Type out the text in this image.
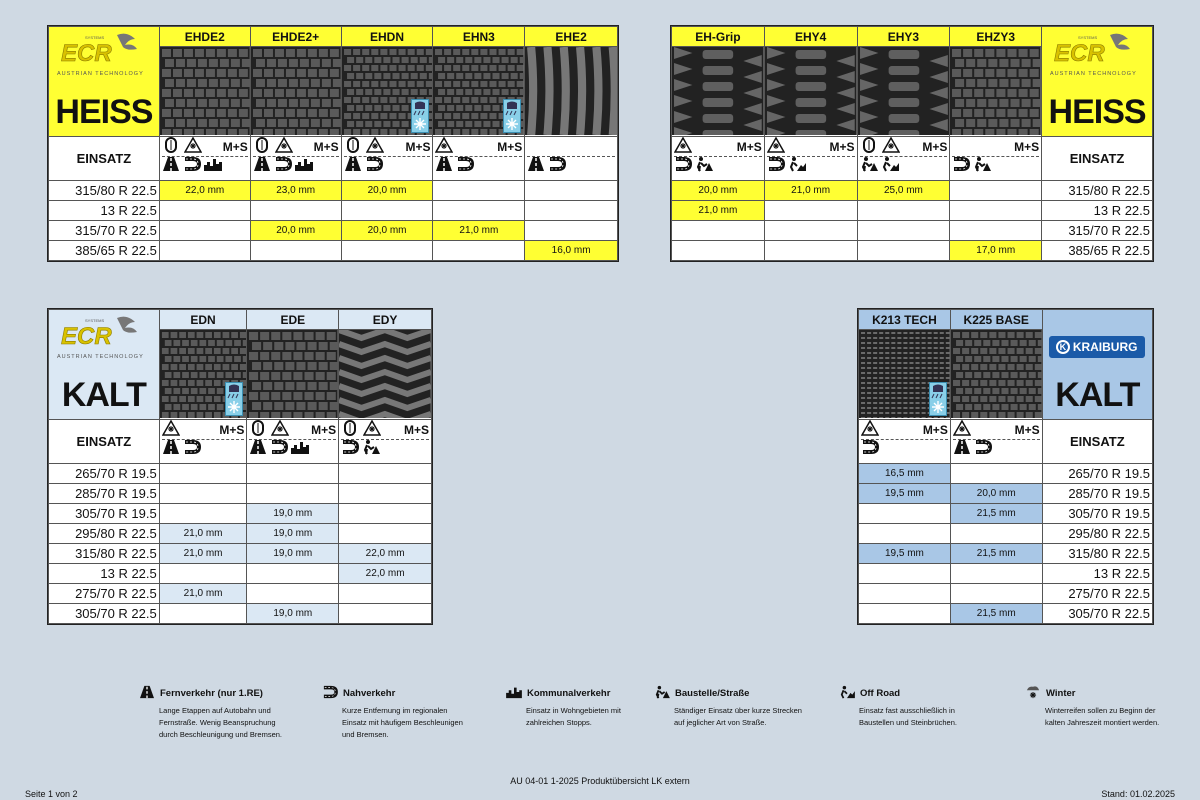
ECR
AUSTRIAN TECHNOLOGY
SYSTEMS
HEISS	EHDE2	EHDE2+	EHDN	EHN3	EHE2

EINSATZ	M+S	M+S	M+S	M+S

315/80 R 22.5	22,0 mm	23,0 mm	20,0 mm		
13 R 22.5					
315/70 R 22.5		20,0 mm	20,0 mm	21,0 mm	
385/65 R 22.5					16,0 mm
EH-Grip	EHY4	EHY3	EHZY3	ECR
AUSTRIAN TECHNOLOGY
SYSTEMS
HEISS

M+S	M+S	M+S	M+S	EINSATZ
20,0 mm	21,0 mm	25,0 mm		315/80 R 22.5
21,0 mm				13 R 22.5
				315/70 R 22.5
			17,0 mm	385/65 R 22.5
ECR
AUSTRIAN TECHNOLOGY
SYSTEMS
KALT	EDN	EDE	EDY

EINSATZ	M+S	M+S	M+S

265/70 R 19.5			
285/70 R 19.5			
305/70 R 19.5		19,0 mm	
295/80 R 22.5	21,0 mm	19,0 mm	
315/80 R 22.5	21,0 mm	19,0 mm	22,0 mm
13 R 22.5			22,0 mm
275/70 R 22.5	21,0 mm		
305/70 R 22.5		19,0 mm	
K213 TECH	K225 BASE	K KRAIBURG
KALT

M+S	M+S	EINSATZ
16,5 mm		265/70 R 19.5
19,5 mm	20,0 mm	285/70 R 19.5
	21,5 mm	305/70 R 19.5
		295/80 R 22.5
19,5 mm	21,5 mm	315/80 R 22.5
		13 R 22.5
		275/70 R 22.5
	21,5 mm	305/70 R 22.5
Fernverkehr (nur 1.RE)
Lange Etappen auf Autobahn und Fernstraße. Wenig Beanspruchung durch Beschleunigung und Bremsen.
Nahverkehr
Kurze Entfernung im regionalen Einsatz mit häufigem Beschleunigen und Bremsen.
Kommunalverkehr
Einsatz in Wohngebieten mit zahlreichen Stopps.
Baustelle/Straße
Ständiger Einsatz über kurze Strecken auf jeglicher Art von Straße.
Off Road
Einsatz fast ausschließlich in Baustellen und Steinbrüchen.
Winter
Winterreifen sollen zu Beginn der kalten Jahreszeit montiert werden.
AU 04-01 1-2025 Produktübersicht LK extern
Seite 1 von 2	Stand: 01.02.2025
